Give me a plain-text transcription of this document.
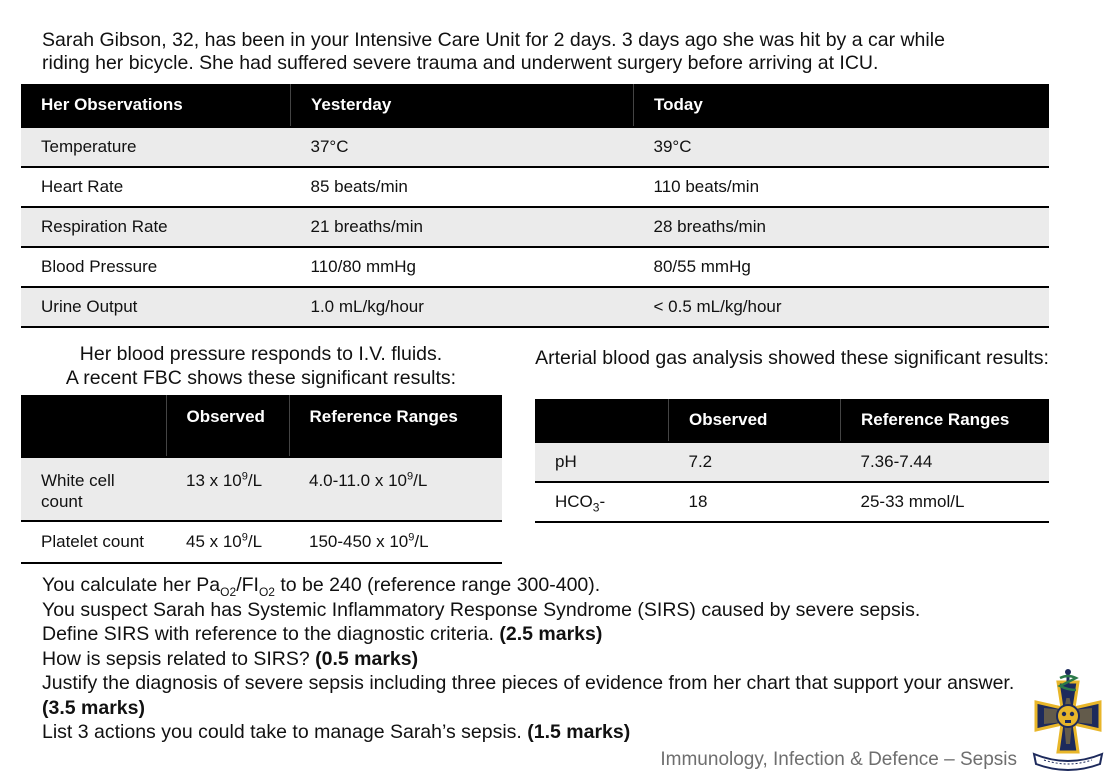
Sarah Gibson, 32, has been in your Intensive Care Unit for 2 days. 3 days ago she was hit by a car while
riding her bicycle. She had suffered severe trauma and underwent surgery before arriving at ICU.

Her Observations	Yesterday	Today
Temperature	37°C	39°C
Heart Rate	85 beats/min	110 beats/min
Respiration Rate	21 breaths/min	28 breaths/min
Blood Pressure	110/80 mmHg	80/55 mmHg
Urine Output	1.0 mL/kg/hour	< 0.5 mL/kg/hour

Her blood pressure responds to I.V. fluids.
A recent FBC shows these significant results:

Arterial blood gas analysis showed these significant results:

	Observed	Reference Ranges
White cell count	13 x $10^9/L$	4.0-11.0 x $10^9/L$
Platelet count	45 x $10^9/L$	150-450 x $10^9/L$
	Observed	Reference Ranges
pH	7.2	7.36-7.44
$HCO_3-$	18	25-33 mmol/L

You calculate her $Pa_{O2}/FI_{O2}$ to be 240 (reference range 300-400).

You suspect Sarah has Systemic Inflammatory Response Syndrome (SIRS) caused by severe sepsis.

Define SIRS with reference to the diagnostic criteria. (2.5 marks)

How is sepsis related to SIRS? (0.5 marks)

Justify the diagnosis of severe sepsis including three pieces of evidence from her chart that support your answer. (3.5 marks)

List 3 actions you could take to manage Sarah’s sepsis. (1.5 marks)

Immunology, Infection & Defence – Sepsis
